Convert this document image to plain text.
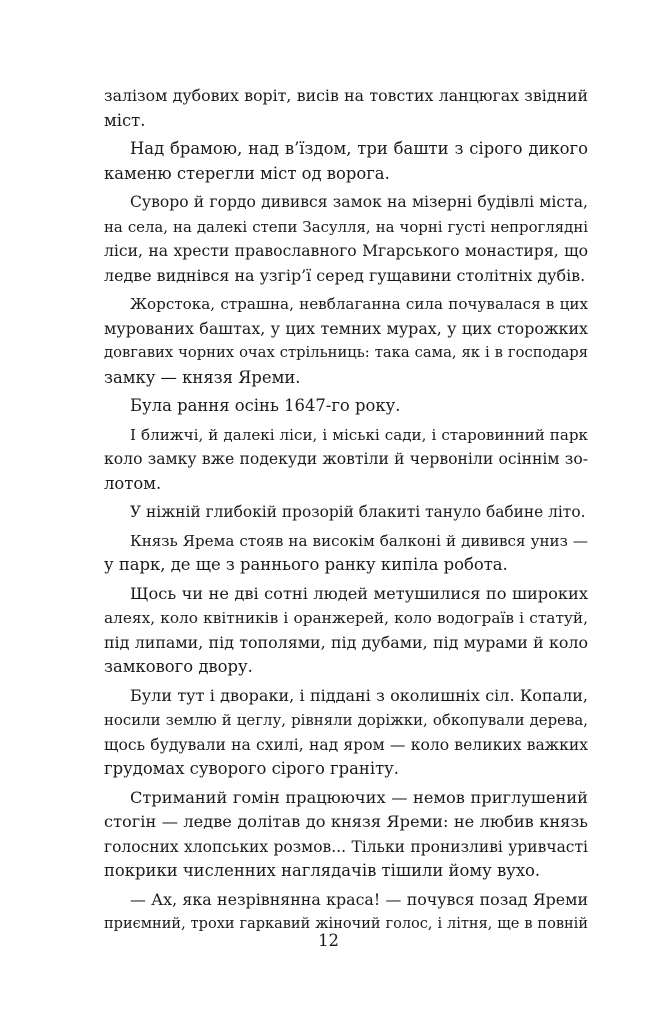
залізом дубових воріт, висів на товстих ланцюгах звідний
міст.
Над брамою, над в’їздом, три башти з сірого дикого
каменю стерегли міст од ворога.
Суворо й гордо дивився замок на мізерні будівлі міста,
на села, на далекі степи Засулля, на чорні густі непроглядні
ліси, на хрести православного Мгарського монастиря, що
ледве виднівся на узгір’ї серед гущавини столітніх дубів.
Жорстока, страшна, невблаганна сила почувалася в цих
мурованих баштах, у цих темних мурах, у цих сторожких
довгавих чорних очах стрільниць: така сама, як і в господаря
замку — князя Яреми.
Була рання осінь 1647-го року.
І ближчі, й далекі ліси, і міські сади, і старовинний парк
коло замку вже подекуди жовтіли й червоніли осіннім зо-
лотом.
У ніжній глибокій прозорій блакиті тануло бабине літо.
Князь Ярема стояв на високім балконі й дивився униз —
у парк, де ще з раннього ранку кипіла робота.
Щось чи не дві сотні людей метушилися по широких
алеях, коло квітників і оранжерей, коло водограїв і статуй,
під липами, під тополями, під дубами, під мурами й коло
замкового двору.
Були тут і двораки, і піддані з околишніх сіл. Копали,
носили землю й цеглу, рівняли доріжки, обкопували дерева,
щось будували на схилі, над яром — коло великих важких
грудомах суворого сірого граніту.
Стриманий гомін працюючих — немов приглушений
стогін — ледве долітав до князя Яреми: не любив князь
голосних хлопських розмов... Тільки пронизливі уривчасті
покрики численних наглядачів тішили йому вухо.
— Ах, яка незрівнянна краса! — почувся позад Яреми
приємний, трохи гаркавий жіночий голос, і літня, ще в повній
12
